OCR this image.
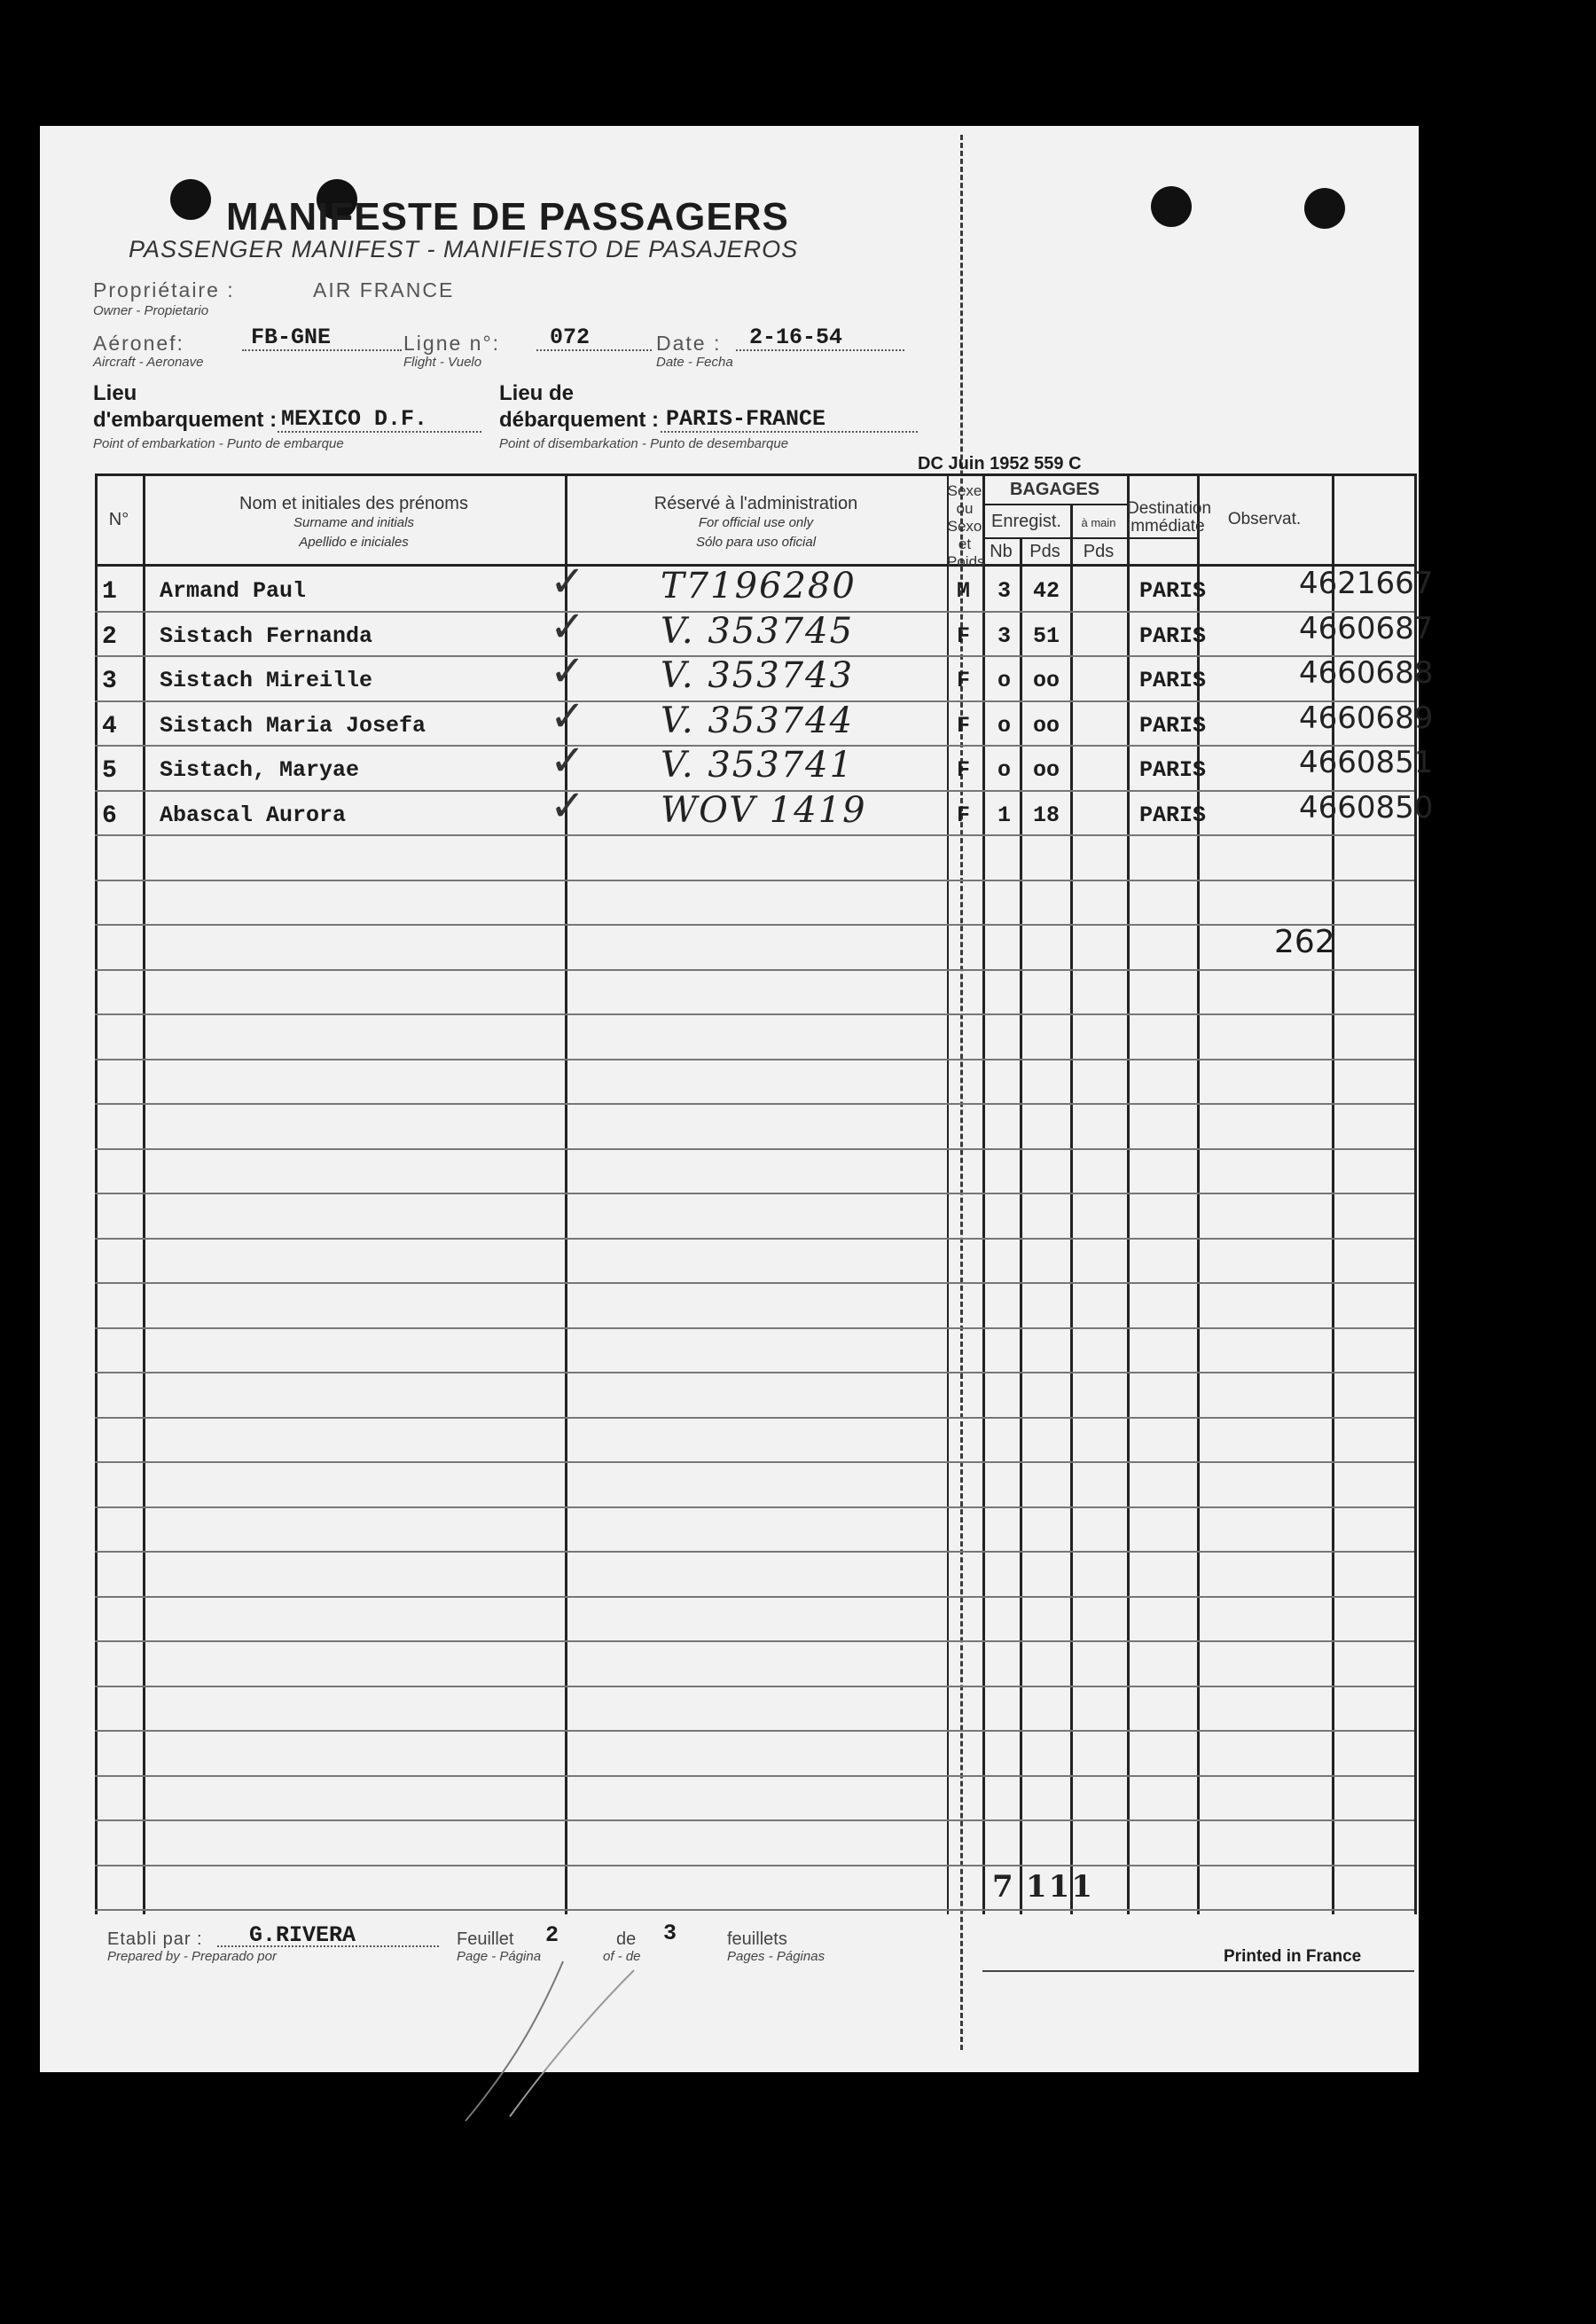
MANIFESTE DE PASSAGERS
PASSENGER MANIFEST - MANIFIESTO DE PASAJEROS
Propriétaire :	AIR FRANCE
Owner - Propietario
Aéronef:	FB-GNE
Aircraft - Aeronave
Ligne n°: 072
Flight - Vuelo
Date : 2-16-54
Date - Fecha
Lieu
d'embarquement : MEXICO D.F.
Point of embarkation - Punto de embarque
Lieu de
débarquement : PARIS-FRANCE
Point of disembarkation - Punto de desembarque
DC Juin 1952 559 C
N°
Nom et initiales des prénoms
Surname and initials
Apellido e iniciales
Réservé à l'administration
For official use only
Sólo para uso oficial
Sexe
ou
Sexo et
Poids
BAGAGES
Enregist.
Nb Pds
à main
Pds
Destination
immédiate	Observat.
1 Armand Paul	T7196280	M 3 42	PARIS	4621667
✓
2 Sistach Fernanda	V. 353745	F 3 51	PARIS	4660687
✓
3 Sistach Mireille	V. 353743	F o oo	PARIS	4660688
✓
4 Sistach Maria Josefa	V. 353744	F o oo	PARIS	4660689
✓
5 Sistach, Maryae	V. 353741	F o oo	PARIS	4660851
✓
6 Abascal Aurora	WOV 1419	F 1 18	PARIS	4660850
✓
262
7 111
Etabli par : G.RIVERA
Prepared by - Preparado por
Feuillet 2
Page - Página
de 3
of - de
feuillets
Pages - Páginas	Printed in France
